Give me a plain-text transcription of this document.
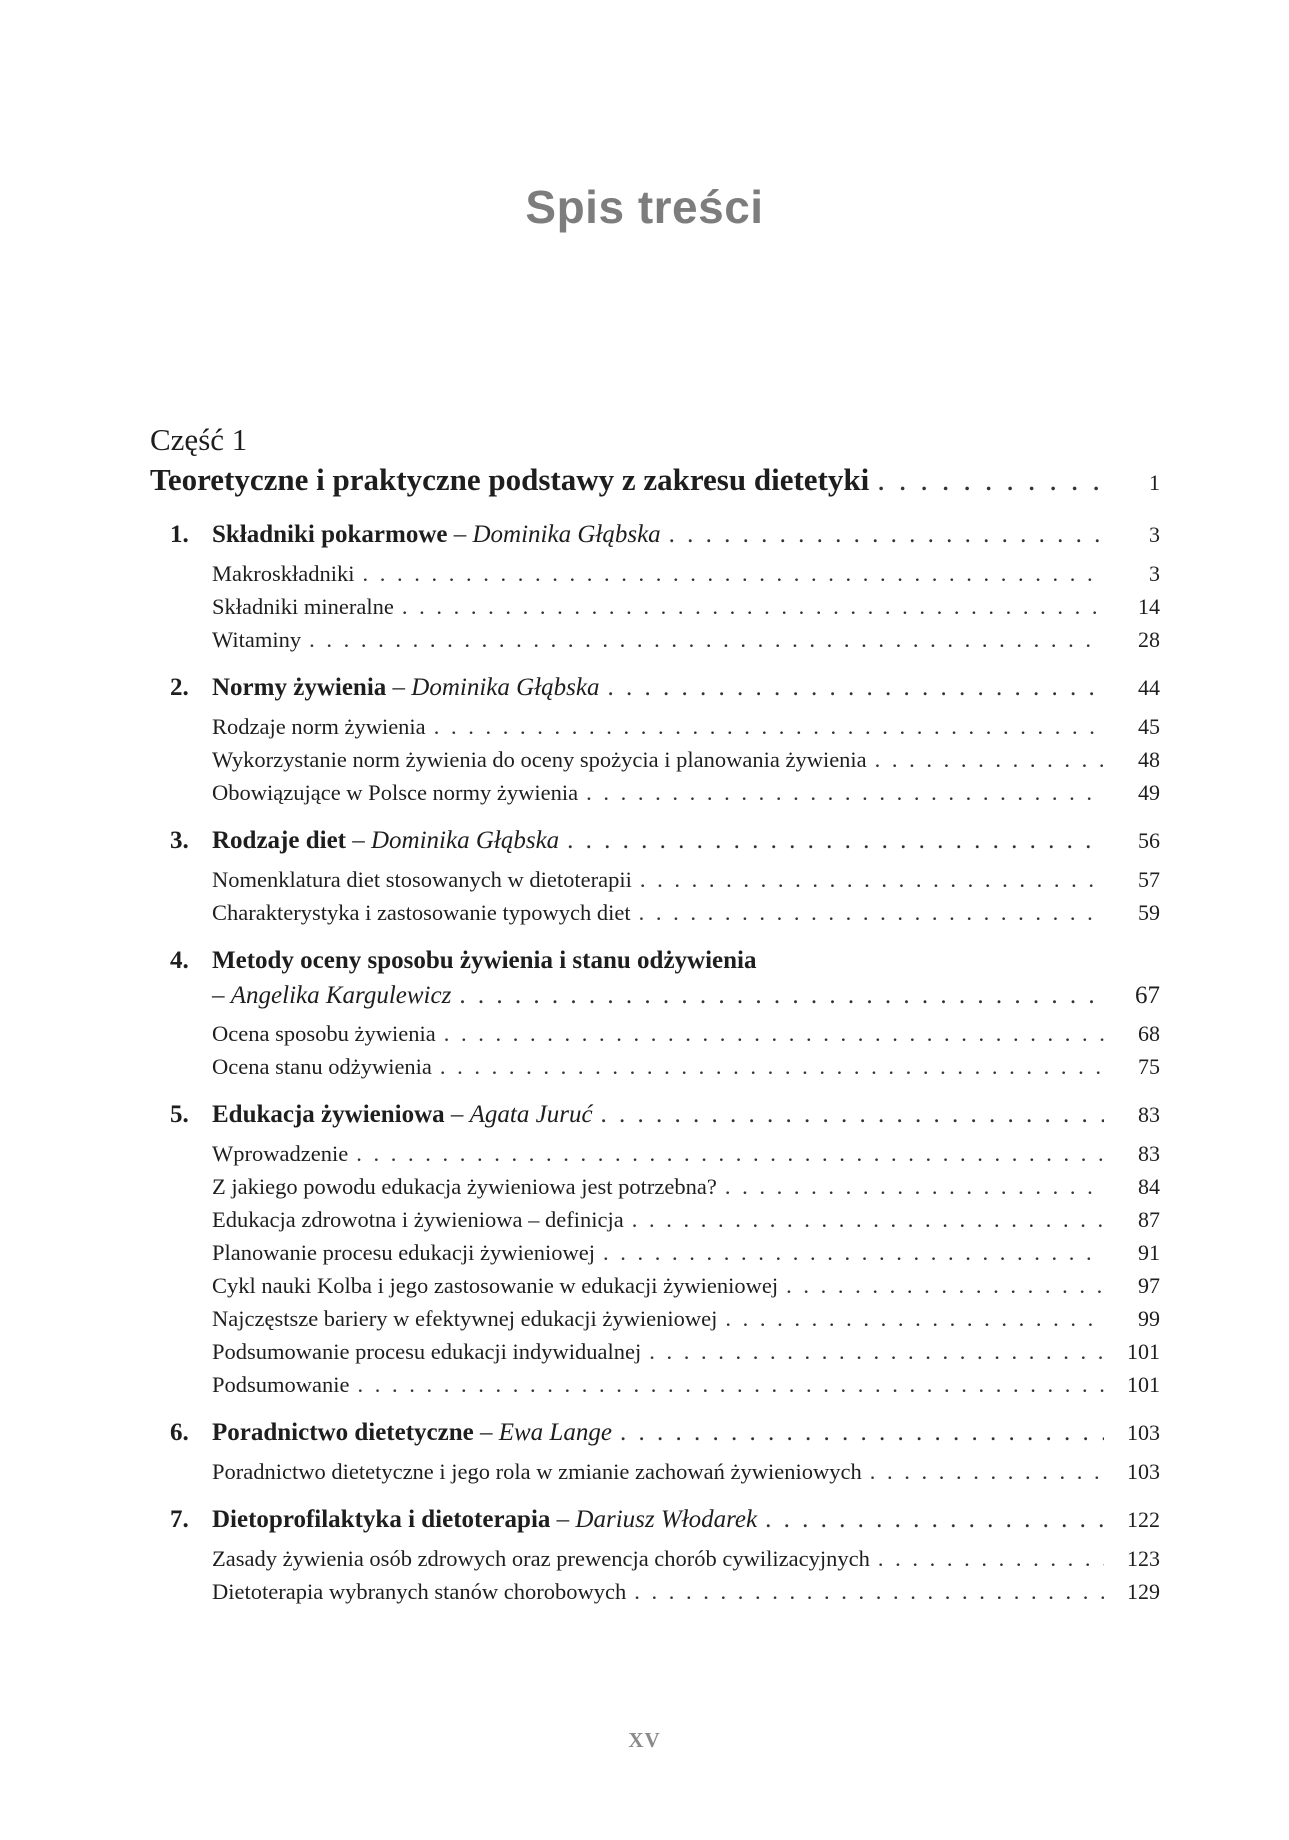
Spis treści
Część 1
Teoretyczne i praktyczne podstawy z zakresu dietetyki . . .	1
1. Składniki pokarmowe – Dominika Głąbska . . .	3
Makroskładniki . . .	3
Składniki mineralne . . .	14
Witaminy . . .	28
2. Normy żywienia – Dominika Głąbska . . .	44
Rodzaje norm żywienia . . .	45
Wykorzystanie norm żywienia do oceny spożycia i planowania żywienia . . .	48
Obowiązujące w Polsce normy żywienia . . .	49
3. Rodzaje diet – Dominika Głąbska . . .	56
Nomenklatura diet stosowanych w dietoterapii . . .	57
Charakterystyka i zastosowanie typowych diet . . .	59
4. Metody oceny sposobu żywienia i stanu odżywienia
– Angelika Kargulewicz . . .	67
Ocena sposobu żywienia . . .	68
Ocena stanu odżywienia . . .	75
5. Edukacja żywieniowa – Agata Juruć . . .	83
Wprowadzenie . . .	83
Z jakiego powodu edukacja żywieniowa jest potrzebna? . . .	84
Edukacja zdrowotna i żywieniowa – definicja . . .	87
Planowanie procesu edukacji żywieniowej . . .	91
Cykl nauki Kolba i jego zastosowanie w edukacji żywieniowej . . .	97
Najczęstsze bariery w efektywnej edukacji żywieniowej . . .	99
Podsumowanie procesu edukacji indywidualnej . . .	101
Podsumowanie . . .	101
6. Poradnictwo dietetyczne – Ewa Lange . . .	103
Poradnictwo dietetyczne i jego rola w zmianie zachowań żywieniowych . . .	103
7. Dietoprofilaktyka i dietoterapia – Dariusz Włodarek . . .	122
Zasady żywienia osób zdrowych oraz prewencja chorób cywilizacyjnych . . .	123
Dietoterapia wybranych stanów chorobowych . . .	129
XV
